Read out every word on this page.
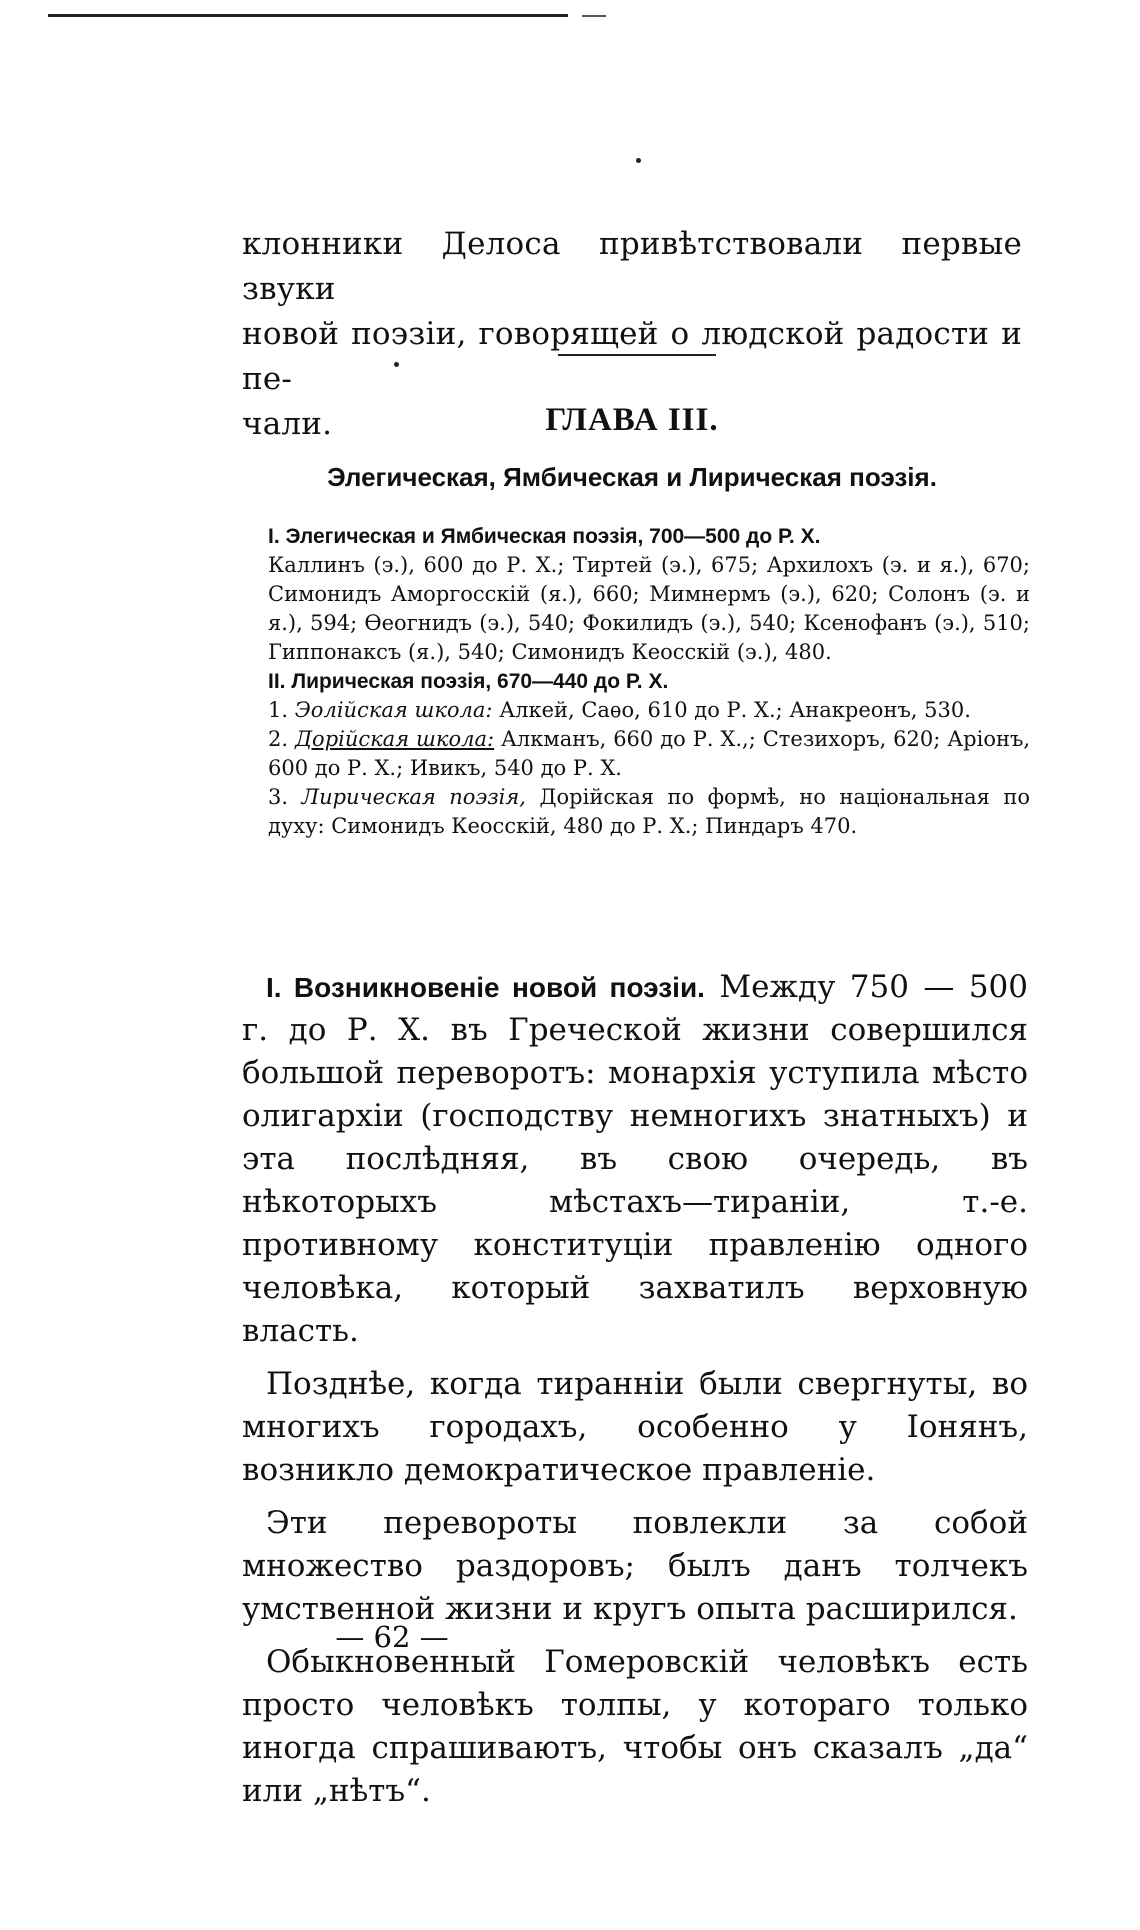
клонники Делоса привѣтствовали первые звуки
новой поэзіи, говорящей о людской радости и пе-
чали.	ГЛАВА III.
Элегическая, Ямбическая и Лирическая поэзія.

I. Элегическая и Ямбическая поэзія, 700—500 до Р. Х.

Каллинъ (э.), 600 до Р. Х.; Тиртей (э.), 675; Архилохъ (э. и я.), 670; Симонидъ Аморгосскій (я.), 660; Мимнермъ (э.), 620; Солонъ (э. и я.), 594; Ѳеогнидъ (э.), 540; Фокилидъ (э.), 540; Ксенофанъ (э.), 510; Гиппонаксъ (я.), 540; Симонидъ Кеосскій (э.), 480.

II. Лирическая поэзія, 670—440 до Р. Х.

1. Эолійская школа: Алкей, Саѳо, 610 до Р. Х.; Анакреонъ, 530.

2. Дорійская школа: Алкманъ, 660 до Р. Х.,; Стезихоръ, 620; Аріонъ, 600 до Р. Х.; Ивикъ, 540 до Р. Х.

3. Лирическая поэзія, Дорійская по формѣ, но національная по духу: Симонидъ Кеосскій, 480 до Р. Х.; Пиндаръ 470.

I. Возникновеніе новой поэзіи. Между 750 — 500 г. до Р. Х. въ Греческой жизни совершился большой переворотъ: монархія уступила мѣсто олигархіи (господству немногихъ знатныхъ) и эта послѣдняя, въ свою очередь, въ нѣкоторыхъ мѣстахъ—тираніи, т.-е. противному конституціи правленію одного человѣка, который захватилъ верховную власть.

Позднѣе, когда тиранніи были свергнуты, во многихъ городахъ, особенно у Іонянъ, возникло демократическое правленіе.

Эти перевороты повлекли за собой множество раздоровъ; былъ данъ толчекъ умственной жизни и кругъ опыта расширился.

Обыкновенный Гомеровскій человѣкъ есть просто человѣкъ толпы, у котораго только иногда спрашиваютъ, чтобы онъ сказалъ „да“ или „нѣтъ“.

— 62 —
